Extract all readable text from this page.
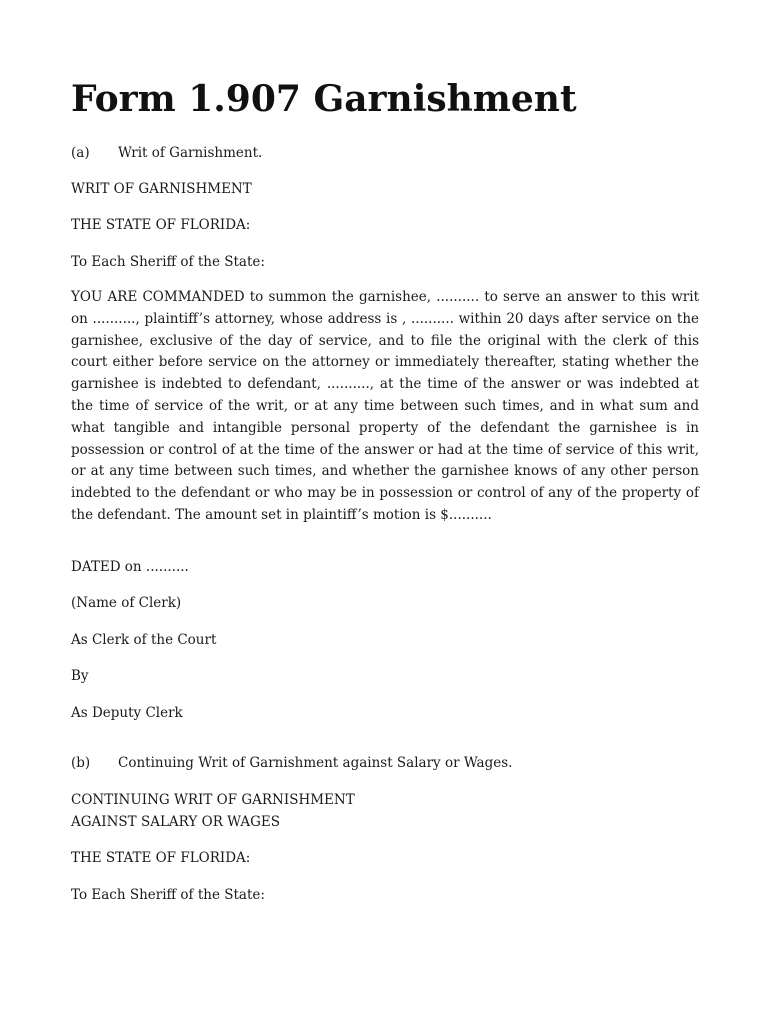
Form 1.907 Garnishment
(a) Writ of Garnishment.

WRIT OF GARNISHMENT

THE STATE OF FLORIDA:

To Each Sheriff of the State:

YOU ARE COMMANDED to summon the garnishee, .......... to serve an answer to this writ on .........., plaintiff’s attorney, whose address is , .......... within 20 days after service on the garnishee, exclusive of the day of service, and to file the original with the clerk of this court either before service on the attorney or immediately thereafter, stating whether the garnishee is indebted to defendant, .........., at the time of the answer or was indebted at the time of service of the writ, or at any time between such times, and in what sum and what tangible and intangible personal property of the defendant the garnishee is in possession or control of at the time of the answer or had at the time of service of this writ, or at any time between such times, and whether the garnishee knows of any other person indebted to the defendant or who may be in possession or control of any of the property of the defendant. The amount set in plaintiff’s motion is $..........

DATED on ..........

(Name of Clerk)

As Clerk of the Court

By

As Deputy Clerk

(b) Continuing Writ of Garnishment against Salary or Wages.

CONTINUING WRIT OF GARNISHMENT

AGAINST SALARY OR WAGES

THE STATE OF FLORIDA:

To Each Sheriff of the State:
